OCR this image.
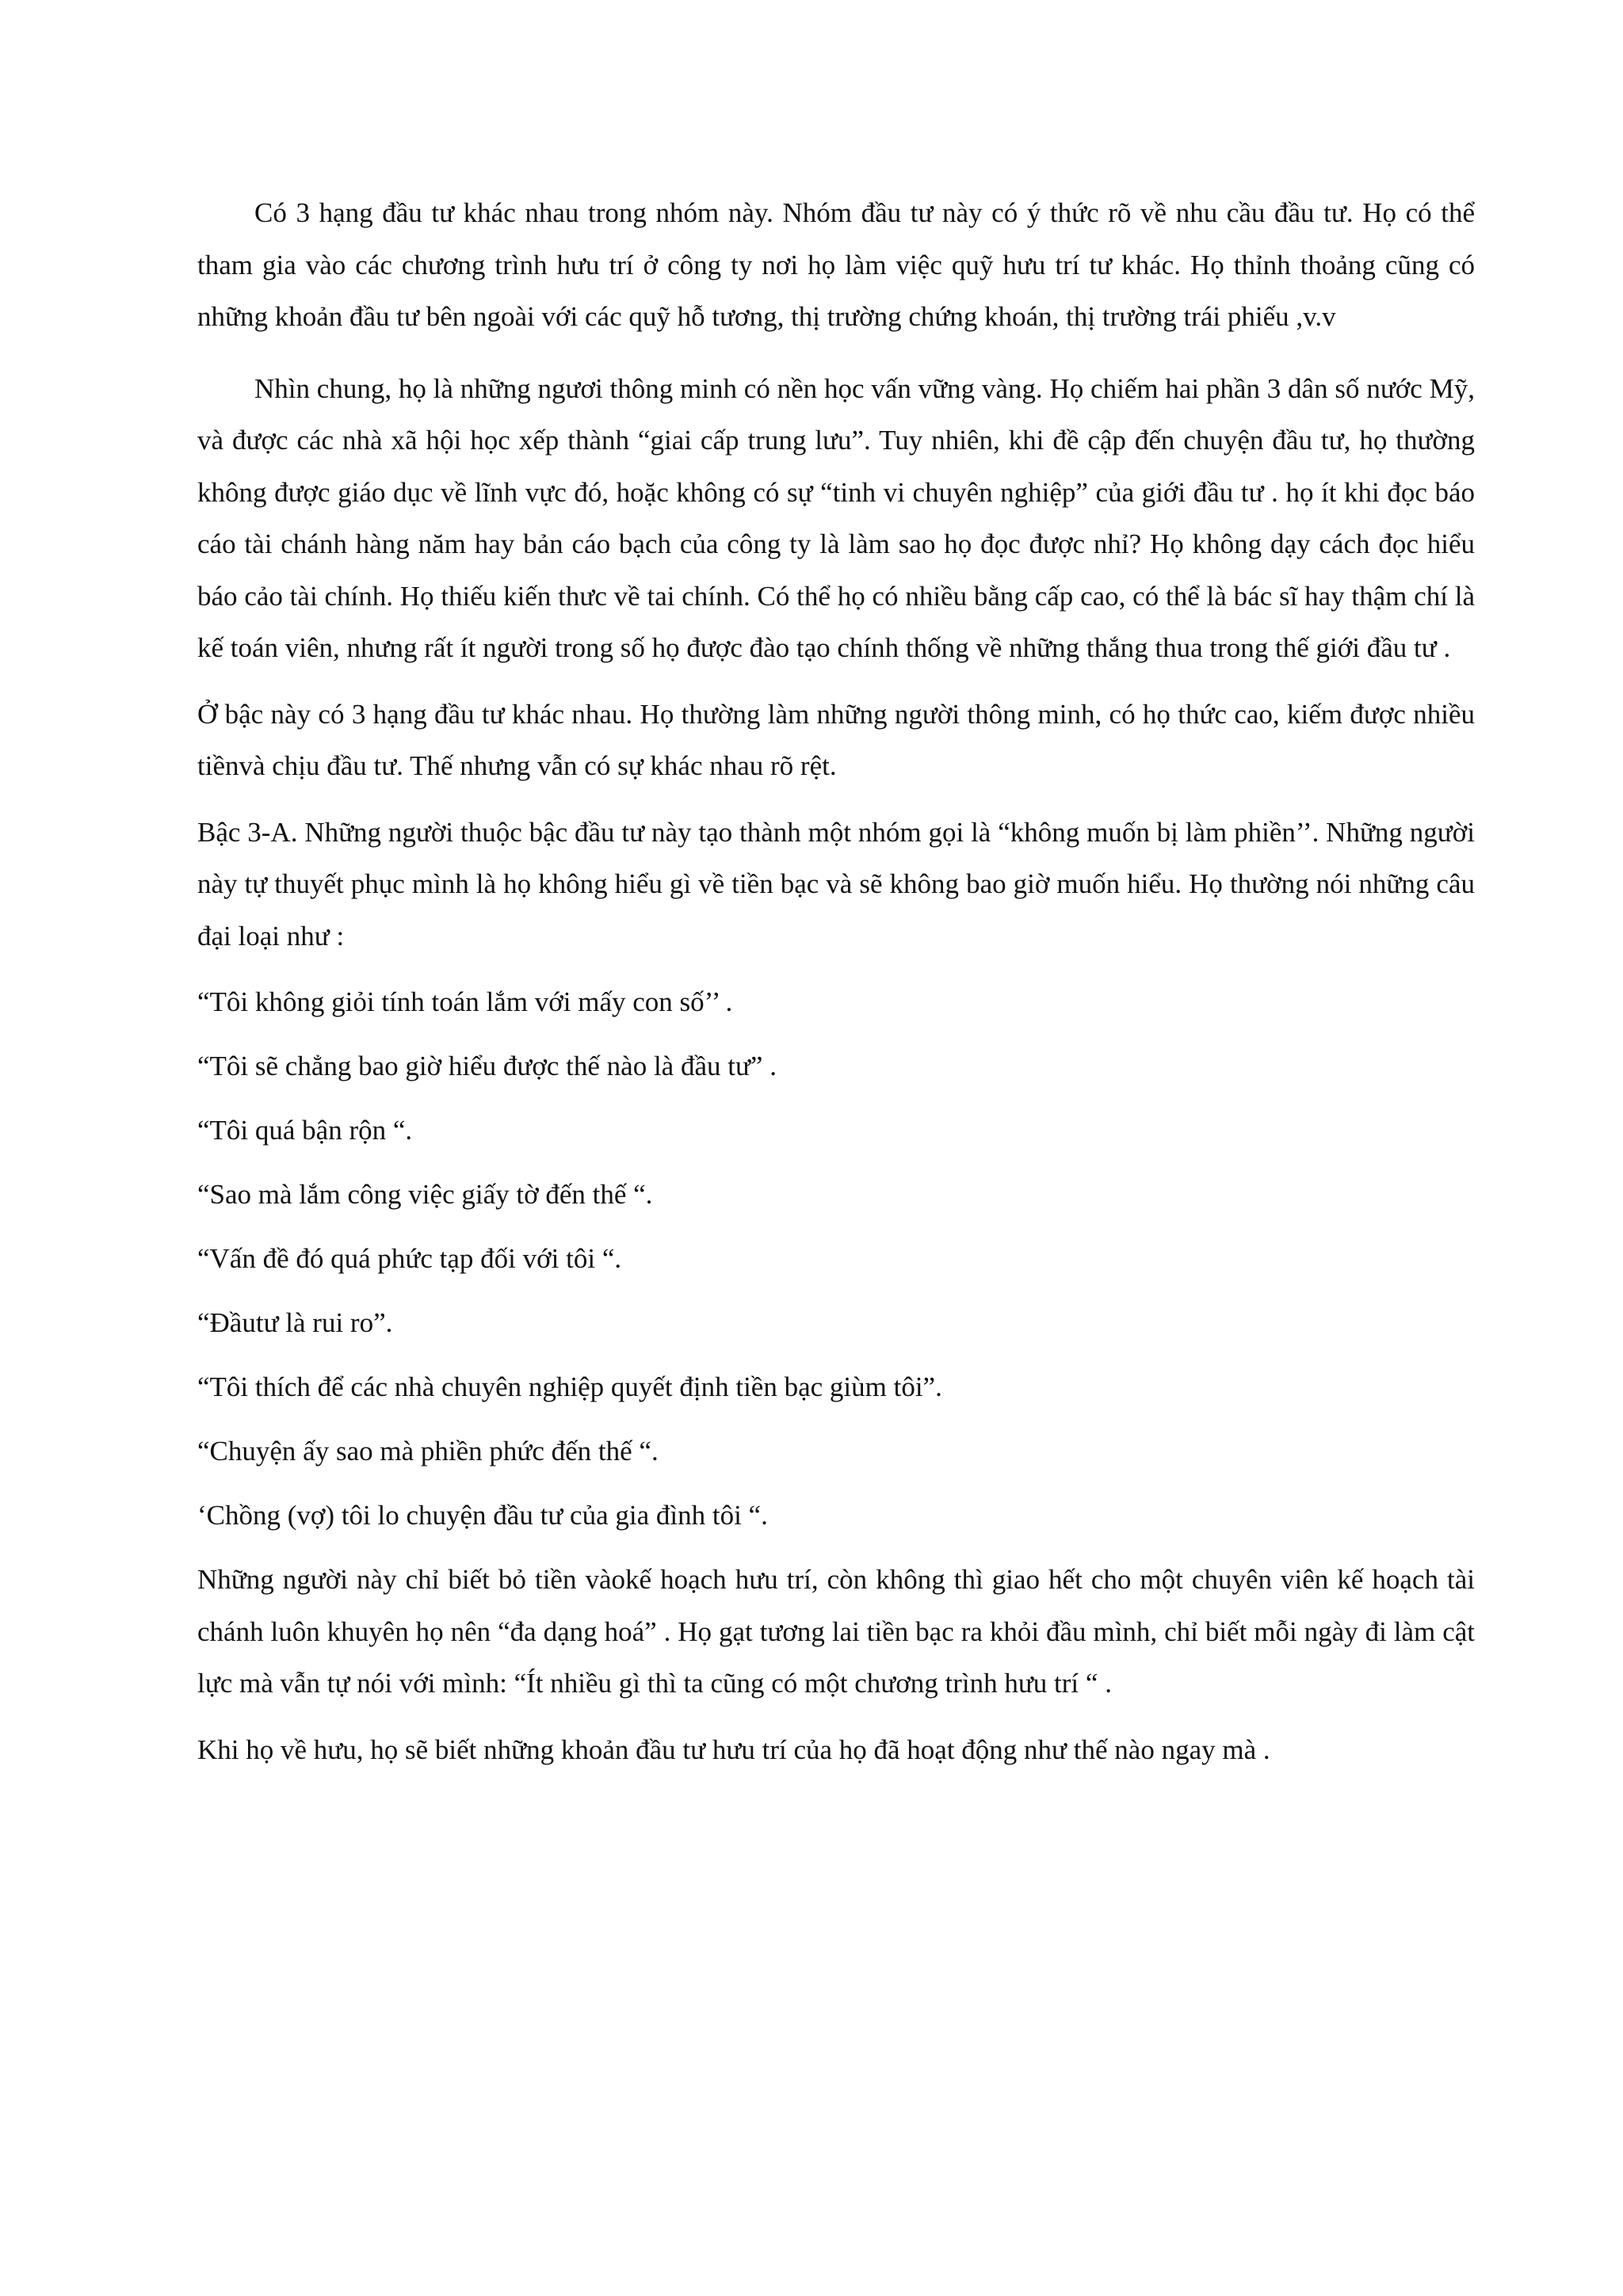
Có 3 hạng đầu tư khác nhau trong nhóm này. Nhóm đầu tư này có ý thức rõ về nhu cầu đầu tư. Họ có thể tham gia vào các chương trình hưu trí ở công ty nơi họ làm việc quỹ hưu trí tư khác. Họ thỉnh thoảng cũng có những khoản đầu tư bên ngoài với các quỹ hỗ tương, thị trường chứng khoán, thị trường trái phiếu ,v.v

Nhìn chung, họ là những ngươi thông minh có nền học vấn vững vàng. Họ chiếm hai phần 3 dân số nước Mỹ, và được các nhà xã hội học xếp thành “giai cấp trung lưu”. Tuy nhiên, khi đề cập đến chuyện đầu tư, họ thường không được giáo dục về lĩnh vực đó, hoặc không có sự “tinh vi chuyên nghiệp” của giới đầu tư . họ ít khi đọc báo cáo tài chánh hàng năm hay bản cáo bạch của công ty là làm sao họ đọc được nhỉ? Họ không dạy cách đọc hiểu báo cảo tài chính. Họ thiếu kiến thưc về tai chính. Có thể họ có nhiều bằng cấp cao, có thể là bác sĩ hay thậm chí là kế toán viên, nhưng rất ít người trong số họ được đào tạo chính thống về những thắng thua trong thế giới đầu tư .

Ở bậc này có 3 hạng đầu tư khác nhau. Họ thường làm những người thông minh, có họ thức cao, kiếm được nhiều tiềnvà chịu đầu tư. Thế nhưng vẫn có sự khác nhau rõ rệt.

Bậc 3-A. Những người thuộc bậc đầu tư này tạo thành một nhóm gọi là “không muốn bị làm phiền’’. Những người này tự thuyết phục mình là họ không hiểu gì về tiền bạc và sẽ không bao giờ muốn hiểu. Họ thường nói những câu đại loại như :

“Tôi không giỏi tính toán lắm với mấy con số’’ .

“Tôi sẽ chẳng bao giờ hiểu được thế nào là đầu tư” .

“Tôi quá bận rộn “.

“Sao mà lắm công việc giấy tờ đến thế “.

“Vấn đề đó quá phức tạp đối với tôi “.

“Đầutư là rui ro”.

“Tôi thích để các nhà chuyên nghiệp quyết định tiền bạc giùm tôi”.

“Chuyện ấy sao mà phiền phức đến thế “.

‘Chồng (vợ) tôi lo chuyện đầu tư của gia đình tôi “.

Những người này chỉ biết bỏ tiền vàokế hoạch hưu trí, còn không thì giao hết cho một chuyên viên kế hoạch tài chánh luôn khuyên họ nên “đa dạng hoá” . Họ gạt tương lai tiền bạc ra khỏi đầu mình, chỉ biết mỗi ngày đi làm cật lực mà vẫn tự nói với mình: “Ít nhiều gì thì ta cũng có một chương trình hưu trí “ .

Khi họ về hưu, họ sẽ biết những khoản đầu tư hưu trí của họ đã hoạt động như thế nào ngay mà .
